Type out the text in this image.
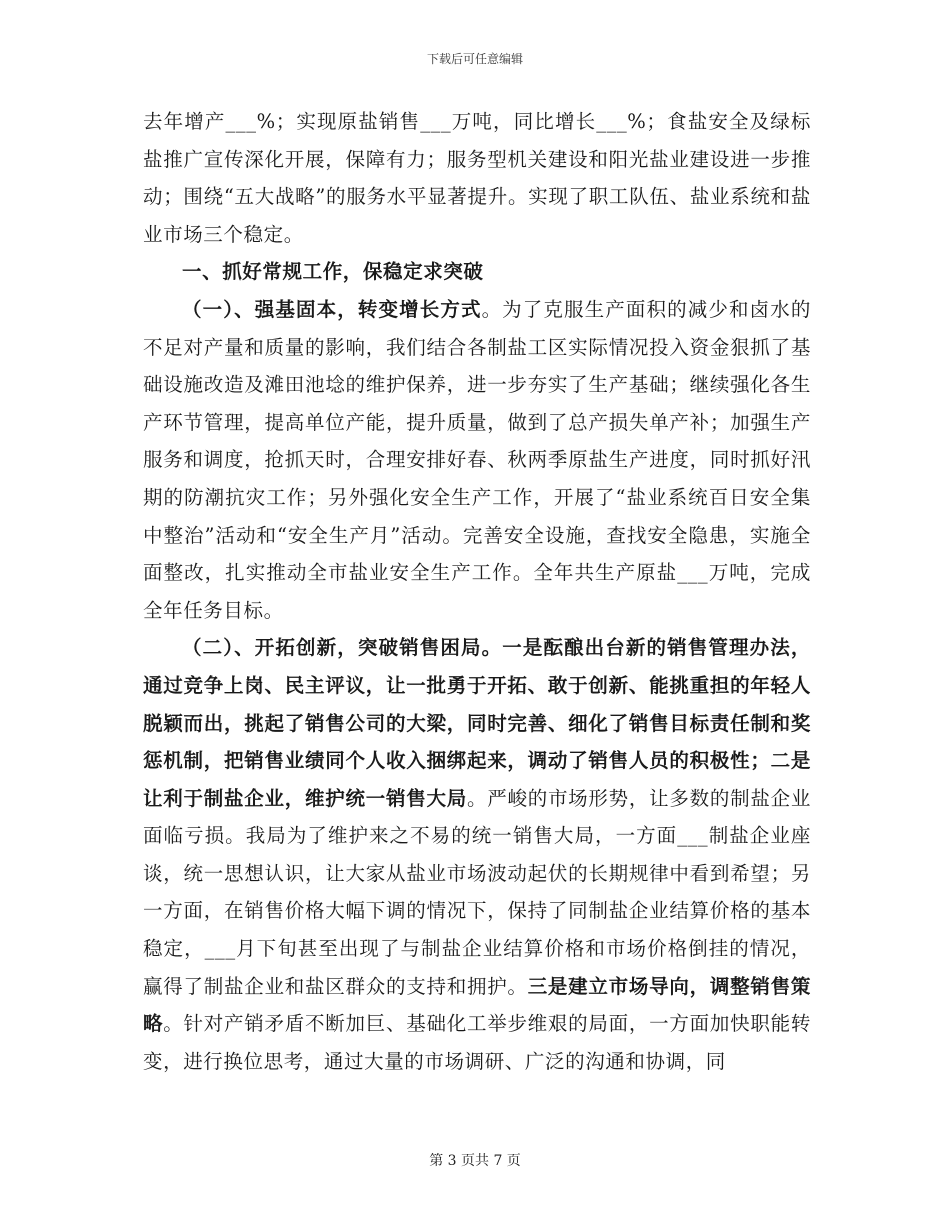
下载后可任意编辑

去年增产___%；实现原盐销售___万吨，同比增长___%；食盐安全及绿标盐推广宣传深化开展，保障有力；服务型机关建设和阳光盐业建设进一步推动；围绕“五大战略”的服务水平显著提升。实现了职工队伍、盐业系统和盐业市场三个稳定。

一、抓好常规工作，保稳定求突破

（一）、强基固本，转变增长方式。为了克服生产面积的减少和卤水的不足对产量和质量的影响，我们结合各制盐工区实际情况投入资金狠抓了基础设施改造及滩田池埝的维护保养，进一步夯实了生产基础；继续强化各生产环节管理，提高单位产能，提升质量，做到了总产损失单产补；加强生产服务和调度，抢抓天时，合理安排好春、秋两季原盐生产进度，同时抓好汛期的防潮抗灾工作；另外强化安全生产工作，开展了“盐业系统百日安全集中整治”活动和“安全生产月”活动。完善安全设施，查找安全隐患，实施全面整改，扎实推动全市盐业安全生产工作。全年共生产原盐___万吨，完成全年任务目标。

（二）、开拓创新，突破销售困局。一是酝酿出台新的销售管理办法，通过竞争上岗、民主评议，让一批勇于开拓、敢于创新、能挑重担的年轻人脱颖而出，挑起了销售公司的大梁，同时完善、细化了销售目标责任制和奖惩机制，把销售业绩同个人收入捆绑起来，调动了销售人员的积极性；二是让利于制盐企业，维护统一销售大局。严峻的市场形势，让多数的制盐企业面临亏损。我局为了维护来之不易的统一销售大局，一方面___制盐企业座谈，统一思想认识，让大家从盐业市场波动起伏的长期规律中看到希望；另一方面，在销售价格大幅下调的情况下，保持了同制盐企业结算价格的基本稳定，___月下旬甚至出现了与制盐企业结算价格和市场价格倒挂的情况，赢得了制盐企业和盐区群众的支持和拥护。三是建立市场导向，调整销售策略。针对产销矛盾不断加巨、基础化工举步维艰的局面，一方面加快职能转变，进行换位思考，通过大量的市场调研、广泛的沟通和协调，同

第 3 页共 7 页
